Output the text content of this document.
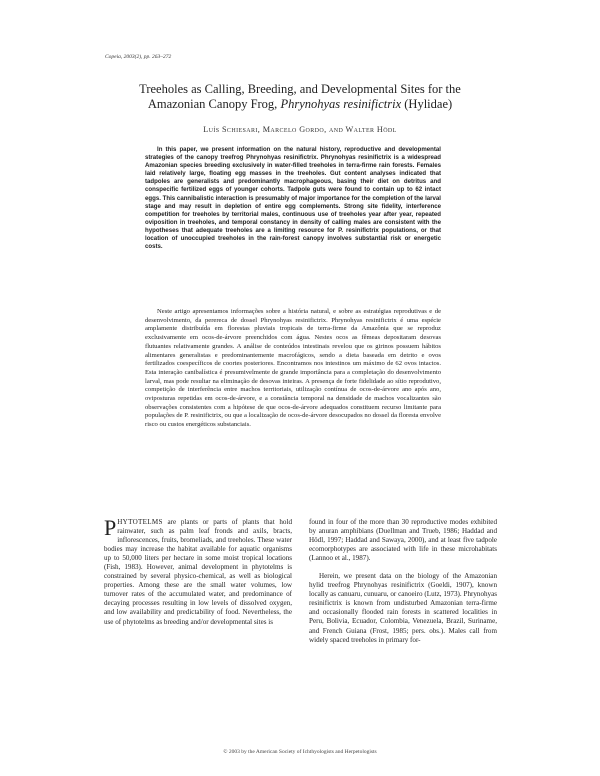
Copeia, 2003(2), pp. 263–272
Treeholes as Calling, Breeding, and Developmental Sites for the
Amazonian Canopy Frog, Phrynohyas resinifictrix (Hylidae)
Luís Schiesari, Marcelo Gordo, and Walter Hödl

In this paper, we present information on the natural history, reproductive and developmental strategies of the canopy treefrog Phrynohyas resinifictrix. Phrynohyas resinifictrix is a widespread Amazonian species breeding exclusively in water-filled treeholes in terra-firme rain forests. Females laid relatively large, floating egg masses in the treeholes. Gut content analyses indicated that tadpoles are generalists and predominantly macrophageous, basing their diet on detritus and conspecific fertilized eggs of younger cohorts. Tadpole guts were found to contain up to 62 intact eggs. This cannibalistic interaction is presumably of major importance for the completion of the larval stage and may result in depletion of entire egg complements. Strong site fidelity, interference competition for treeholes by territorial males, continuous use of treeholes year after year, repeated oviposition in treeholes, and temporal constancy in density of calling males are consistent with the hypotheses that adequate treeholes are a limiting resource for P. resinifictrix populations, or that location of unoccupied treeholes in the rain-forest canopy involves substantial risk or energetic costs.

Neste artigo apresentamos informações sobre a história natural, e sobre as estratégias reprodutivas e de desenvolvimento, da perereca de dossel Phrynohyas resinifictrix. Phrynohyas resinifictrix é uma espécie amplamente distribuída em florestas pluviais tropicais de terra-firme da Amazônia que se reproduz exclusivamente em ocos-de-árvore preenchidos com água. Nestes ocos as fêmeas depositaram desovas flutuantes relativamente grandes. A análise de conteúdos intestinais revelou que os girinos possuem hábitos alimentares generalistas e predominantemente macrofágicos, sendo a dieta baseada em detrito e ovos fertilizados coespecíficos de coortes posteriores. Encontramos nos intestinos um máximo de 62 ovos intactos. Esta interação canibalística é presumivelmente de grande importância para a completação do desenvolvimento larval, mas pode resultar na eliminação de desovas inteiras. A presença de forte fidelidade ao sítio reprodutivo, competição de interferência entre machos territoriais, utilização contínua de ocos-de-árvore ano após ano, oviposturas repetidas em ocos-de-árvore, e a constância temporal na densidade de machos vocalizantes são observações consistentes com a hipótese de que ocos-de-árvore adequados constituem recurso limitante para populações de P. resinifictrix, ou que a localização de ocos-de-árvore desocupados no dossel da floresta envolve risco ou custos energéticos substanciais.

PHYTOTELMS are plants or parts of plants that hold rainwater, such as palm leaf fronds and axils, bracts, inflorescences, fruits, bromeliads, and treeholes. These water bodies may increase the habitat available for aquatic organisms up to 50,000 liters per hectare in some moist tropical locations (Fish, 1983). However, animal development in phytotelms is constrained by several physico-chemical, as well as biological properties. Among these are the small water volumes, low turnover rates of the accumulated water, and predominance of decaying processes resulting in low levels of dissolved oxygen, and low availability and predictability of food. Nevertheless, the use of phytotelms as breeding and/or developmental sites is
found in four of the more than 30 reproductive modes exhibited by anuran amphibians (Duellman and Trueb, 1986; Haddad and Hödl, 1997; Haddad and Sawaya, 2000), and at least five tadpole ecomorphotypes are associated with life in these microhabitats (Lannoo et al., 1987).
Herein, we present data on the biology of the Amazonian hylid treefrog Phrynohyas resinifictrix (Goeldi, 1907), known locally as canuaru, cunuaru, or canoeiro (Lutz, 1973). Phrynohyas resinifictrix is known from undisturbed Amazonian terra-firme and occasionally flooded rain forests in scattered localities in Peru, Bolivia, Ecuador, Colombia, Venezuela, Brazil, Suriname, and French Guiana (Frost, 1985; pers. obs.). Males call from widely spaced treeholes in primary for-
© 2003 by the American Society of Ichthyologists and Herpetologists
